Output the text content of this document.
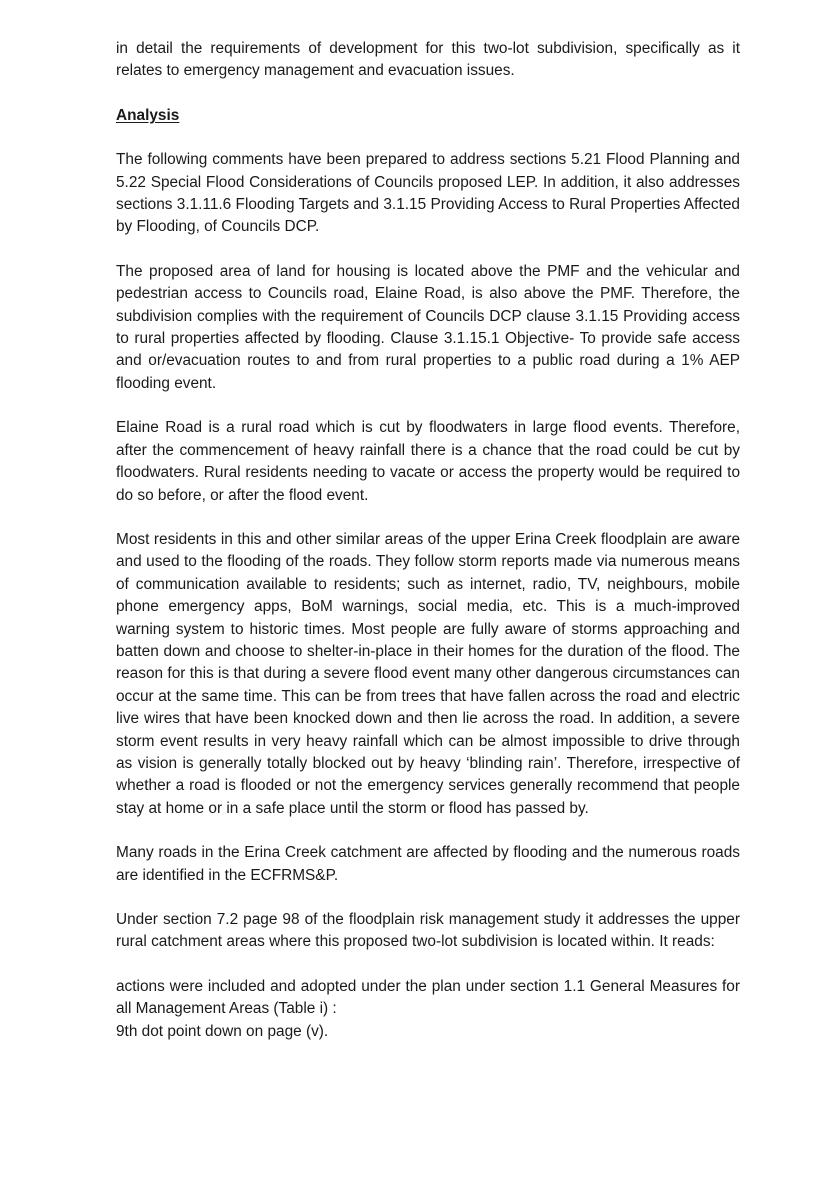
in detail the requirements of development for this two-lot subdivision, specifically as it relates to emergency management and evacuation issues.

Analysis

The following comments have been prepared to address sections 5.21 Flood Planning and 5.22 Special Flood Considerations of Councils proposed LEP. In addition, it also addresses sections 3.1.11.6 Flooding Targets and 3.1.15 Providing Access to Rural Properties Affected by Flooding, of Councils DCP.

The proposed area of land for housing is located above the PMF and the vehicular and pedestrian access to Councils road, Elaine Road, is also above the PMF. Therefore, the subdivision complies with the requirement of Councils DCP clause 3.1.15 Providing access to rural properties affected by flooding. Clause 3.1.15.1 Objective- To provide safe access and or/evacuation routes to and from rural properties to a public road during a 1% AEP flooding event.

Elaine Road is a rural road which is cut by floodwaters in large flood events. Therefore, after the commencement of heavy rainfall there is a chance that the road could be cut by floodwaters. Rural residents needing to vacate or access the property would be required to do so before, or after the flood event.

Most residents in this and other similar areas of the upper Erina Creek floodplain are aware and used to the flooding of the roads. They follow storm reports made via numerous means of communication available to residents; such as internet, radio, TV, neighbours, mobile phone emergency apps, BoM warnings, social media, etc. This is a much-improved warning system to historic times. Most people are fully aware of storms approaching and batten down and choose to shelter-in-place in their homes for the duration of the flood. The reason for this is that during a severe flood event many other dangerous circumstances can occur at the same time. This can be from trees that have fallen across the road and electric live wires that have been knocked down and then lie across the road. In addition, a severe storm event results in very heavy rainfall which can be almost impossible to drive through as vision is generally totally blocked out by heavy ‘blinding rain’. Therefore, irrespective of whether a road is flooded or not the emergency services generally recommend that people stay at home or in a safe place until the storm or flood has passed by.

Many roads in the Erina Creek catchment are affected by flooding and the numerous roads are identified in the ECFRMS&P.

Under section 7.2 page 98 of the floodplain risk management study it addresses the upper rural catchment areas where this proposed two-lot subdivision is located within. It reads:

actions were included and adopted under the plan under section 1.1 General Measures for all Management Areas (Table i) :
9th dot point down on page (v).
